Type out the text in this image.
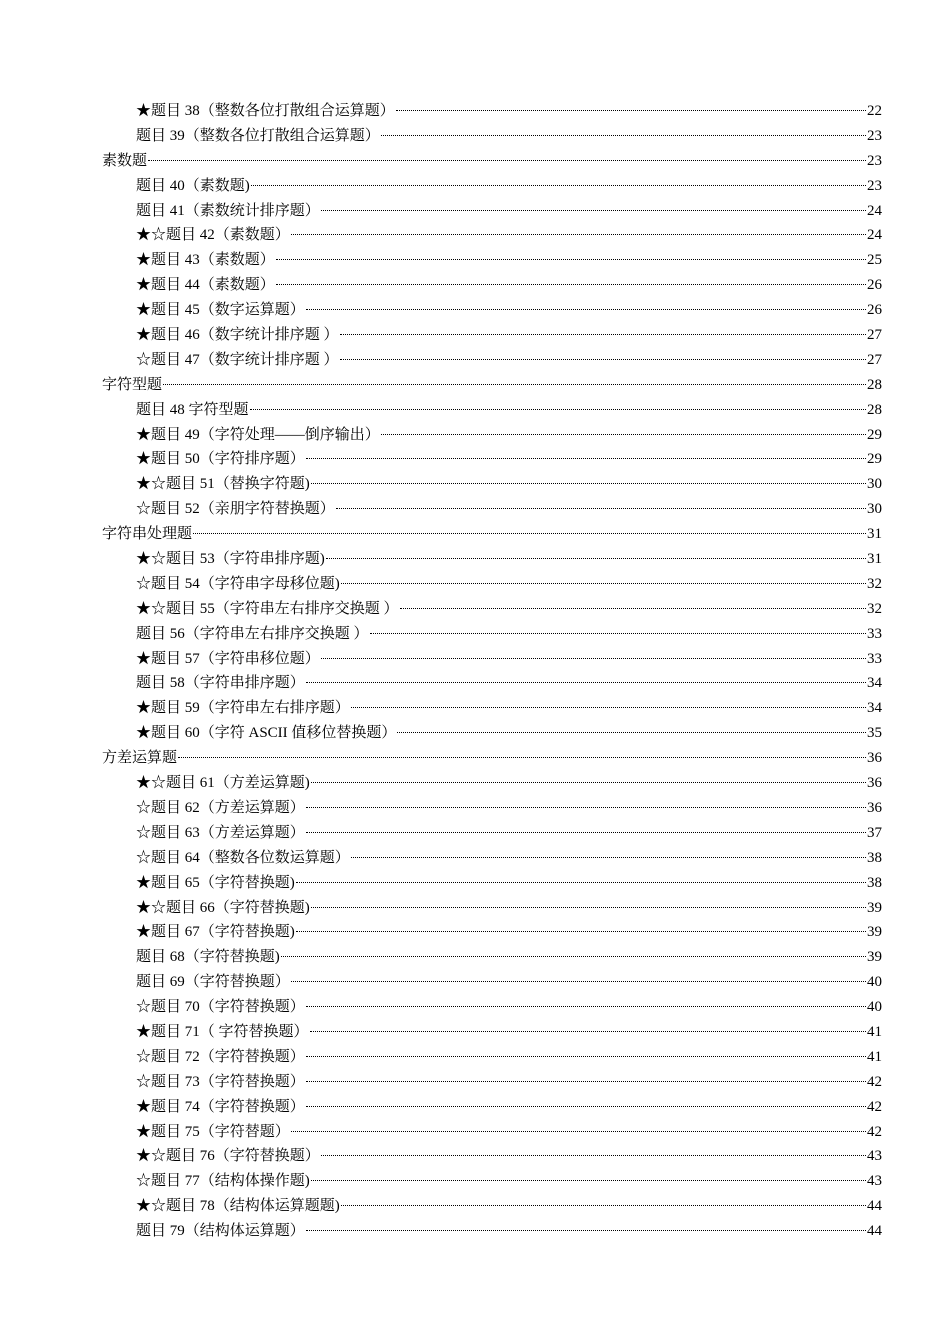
★题目 38（整数各位打散组合运算题）	22
题目 39（整数各位打散组合运算题）	23
素数题	23
题目 40（素数题)	23
题目 41（素数统计排序题）	24
★☆题目 42（素数题）	24
★题目 43（素数题）	25
★题目 44（素数题）	26
★题目 45（数字运算题）	26
★题目 46（数字统计排序题 ）	27
☆题目 47（数字统计排序题 ）	27
字符型题	28
题目 48 字符型题	28
★题目 49（字符处理——倒序输出）	29
★题目 50（字符排序题）	29
★☆题目 51（替换字符题)	30
☆题目 52（亲朋字符替换题）	30
字符串处理题	31
★☆题目 53（字符串排序题)	31
☆题目 54（字符串字母移位题)	32
★☆题目 55（字符串左右排序交换题 ）	32
题目 56（字符串左右排序交换题 ）	33
★题目 57（字符串移位题）	33
题目 58（字符串排序题）	34
★题目 59（字符串左右排序题）	34
★题目 60（字符 ASCII 值移位替换题）	35
方差运算题	36
★☆题目 61（方差运算题)	36
☆题目 62（方差运算题）	36
☆题目 63（方差运算题）	37
☆题目 64（整数各位数运算题）	38
★题目 65（字符替换题)	38
★☆题目 66（字符替换题)	39
★题目 67（字符替换题)	39
题目 68（字符替换题)	39
题目 69（字符替换题）	40
☆题目 70（字符替换题）	40
★题目 71（ 字符替换题）	41
☆题目 72（字符替换题）	41
☆题目 73（字符替换题）	42
★题目 74（字符替换题）	42
★题目 75（字符替题）	42
★☆题目 76（字符替换题）	43
☆题目 77（结构体操作题)	43
★☆题目 78（结构体运算题题)	44
题目 79（结构体运算题）	44
